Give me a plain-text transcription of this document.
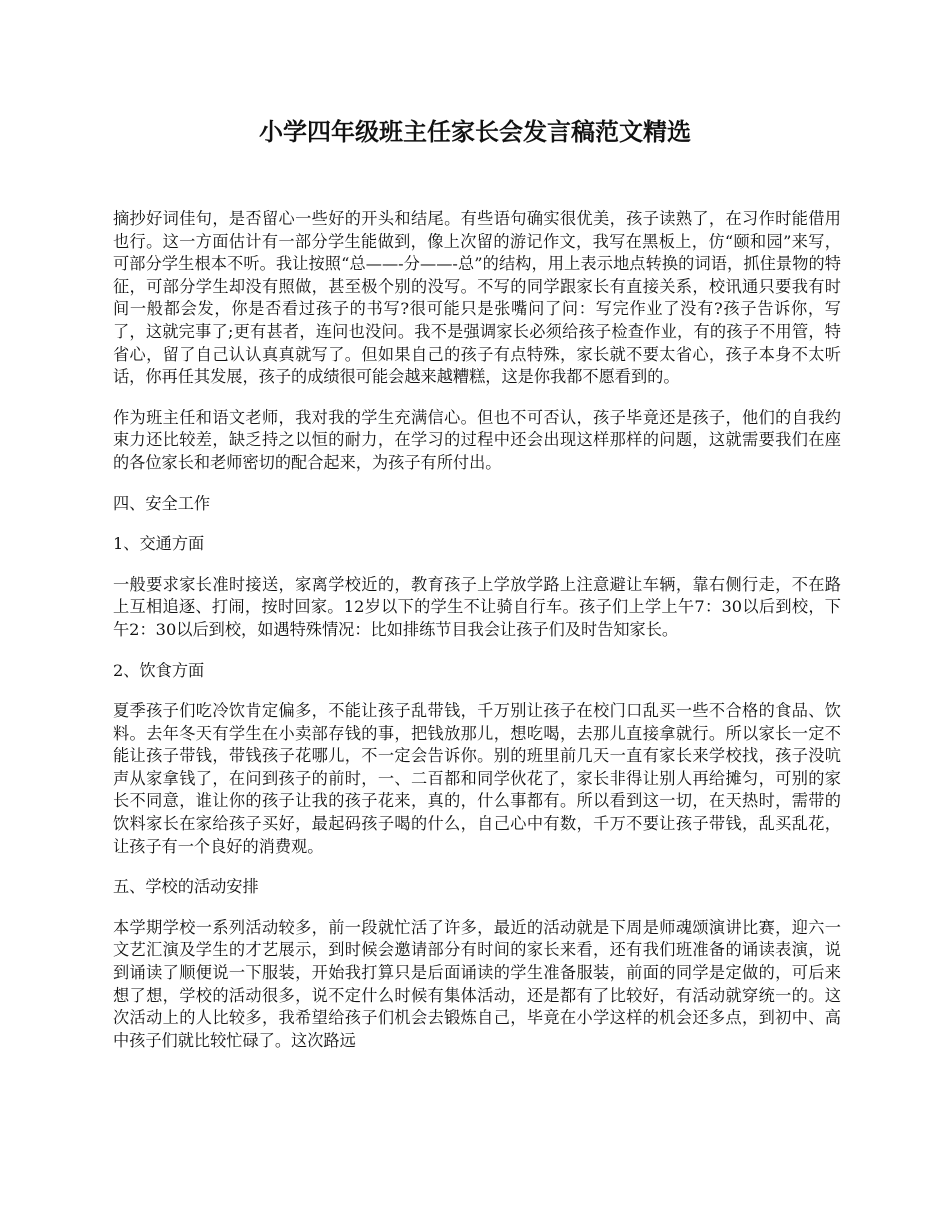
小学四年级班主任家长会发言稿范文精选

摘抄好词佳句，是否留心一些好的开头和结尾。有些语句确实很优美，孩子读熟了，在习作时能借用也行。这一方面估计有一部分学生能做到，像上次留的游记作文，我写在黑板上，仿“颐和园”来写，可部分学生根本不听。我让按照“总——-分——-总”的结构，用上表示地点转换的词语，抓住景物的特征，可部分学生却没有照做，甚至极个别的没写。不写的同学跟家长有直接关系，校讯通只要我有时间一般都会发，你是否看过孩子的书写?很可能只是张嘴问了问：写完作业了没有?孩子告诉你，写了，这就完事了;更有甚者，连问也没问。我不是强调家长必须给孩子检查作业，有的孩子不用管，特省心，留了自己认认真真就写了。但如果自己的孩子有点特殊，家长就不要太省心，孩子本身不太听话，你再任其发展，孩子的成绩很可能会越来越糟糕，这是你我都不愿看到的。

作为班主任和语文老师，我对我的学生充满信心。但也不可否认，孩子毕竟还是孩子，他们的自我约束力还比较差，缺乏持之以恒的耐力，在学习的过程中还会出现这样那样的问题，这就需要我们在座的各位家长和老师密切的配合起来，为孩子有所付出。

四、安全工作

1、交通方面

一般要求家长准时接送，家离学校近的，教育孩子上学放学路上注意避让车辆，靠右侧行走，不在路上互相追逐、打闹，按时回家。12岁以下的学生不让骑自行车。孩子们上学上午7：30以后到校，下午2：30以后到校，如遇特殊情况：比如排练节目我会让孩子们及时告知家长。

2、饮食方面

夏季孩子们吃冷饮肯定偏多，不能让孩子乱带钱，千万别让孩子在校门口乱买一些不合格的食品、饮料。去年冬天有学生在小卖部存钱的事，把钱放那儿，想吃喝，去那儿直接拿就行。所以家长一定不能让孩子带钱，带钱孩子花哪儿，不一定会告诉你。别的班里前几天一直有家长来学校找，孩子没吭声从家拿钱了，在问到孩子的前时，一、二百都和同学伙花了，家长非得让别人再给摊匀，可别的家长不同意，谁让你的孩子让我的孩子花来，真的，什么事都有。所以看到这一切，在天热时，需带的饮料家长在家给孩子买好，最起码孩子喝的什么，自己心中有数，千万不要让孩子带钱，乱买乱花，让孩子有一个良好的消费观。

五、学校的活动安排

本学期学校一系列活动较多，前一段就忙活了许多，最近的活动就是下周是师魂颂演讲比赛，迎六一文艺汇演及学生的才艺展示，到时候会邀请部分有时间的家长来看，还有我们班准备的诵读表演，说到诵读了顺便说一下服装，开始我打算只是后面诵读的学生准备服装，前面的同学是定做的，可后来想了想，学校的活动很多，说不定什么时候有集体活动，还是都有了比较好，有活动就穿统一的。这次活动上的人比较多，我希望给孩子们机会去锻炼自己，毕竟在小学这样的机会还多点，到初中、高中孩子们就比较忙碌了。这次路远
